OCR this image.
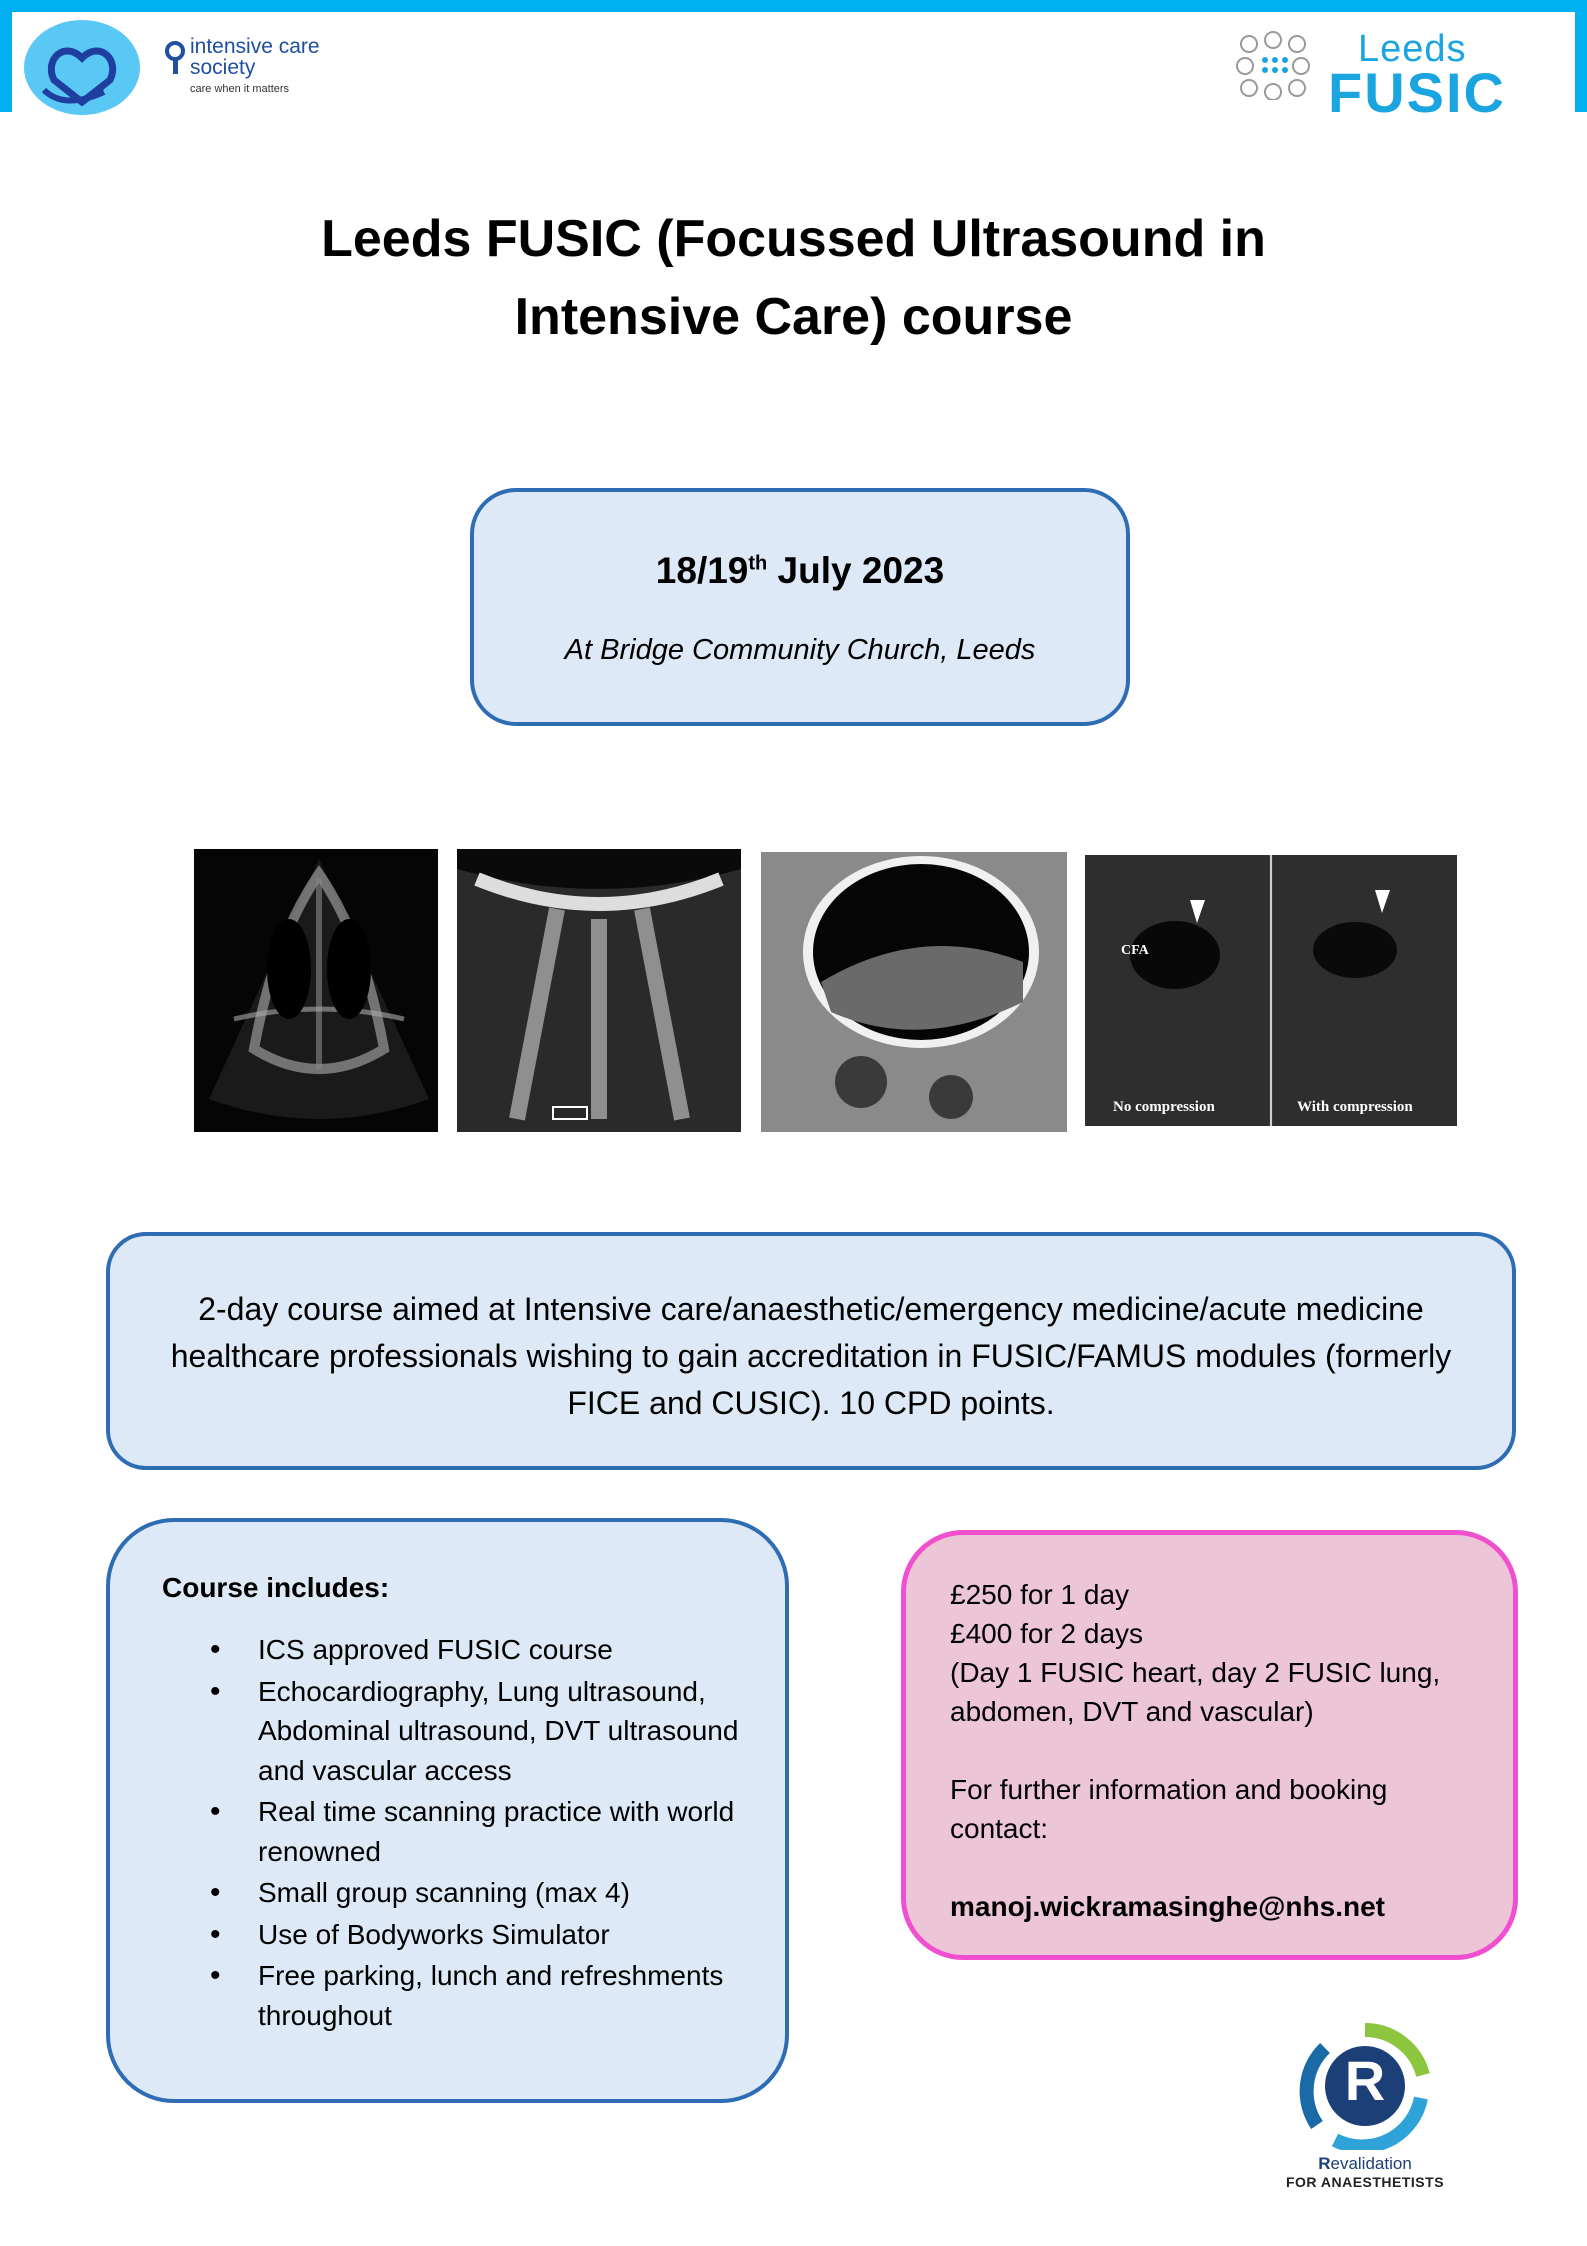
intensive care
society
care when it matters
Leeds
FUSIC
Leeds FUSIC (Focussed Ultrasound in
Intensive Care) course
18/19th July 2023
At Bridge Community Church, Leeds
CFA
No compression	With compression

2-day course aimed at Intensive care/anaesthetic/emergency medicine/acute medicine healthcare professionals wishing to gain accreditation in FUSIC/FAMUS modules (formerly FICE and CUSIC). 10 CPD points.

Course includes:
• ICS approved FUSIC course
• Echocardiography, Lung ultrasound, Abdominal ultrasound, DVT ultrasound and vascular access
• Real time scanning practice with world renowned
• Small group scanning (max 4)
• Use of Bodyworks Simulator
• Free parking, lunch and refreshments throughout
£250 for 1 day
£400 for 2 days
(Day 1 FUSIC heart, day 2 FUSIC lung,
abdomen, DVT and vascular)
For further information and booking
contact:
manoj.wickramasinghe@nhs.net
R
Revalidation
FOR ANAESTHETISTS
